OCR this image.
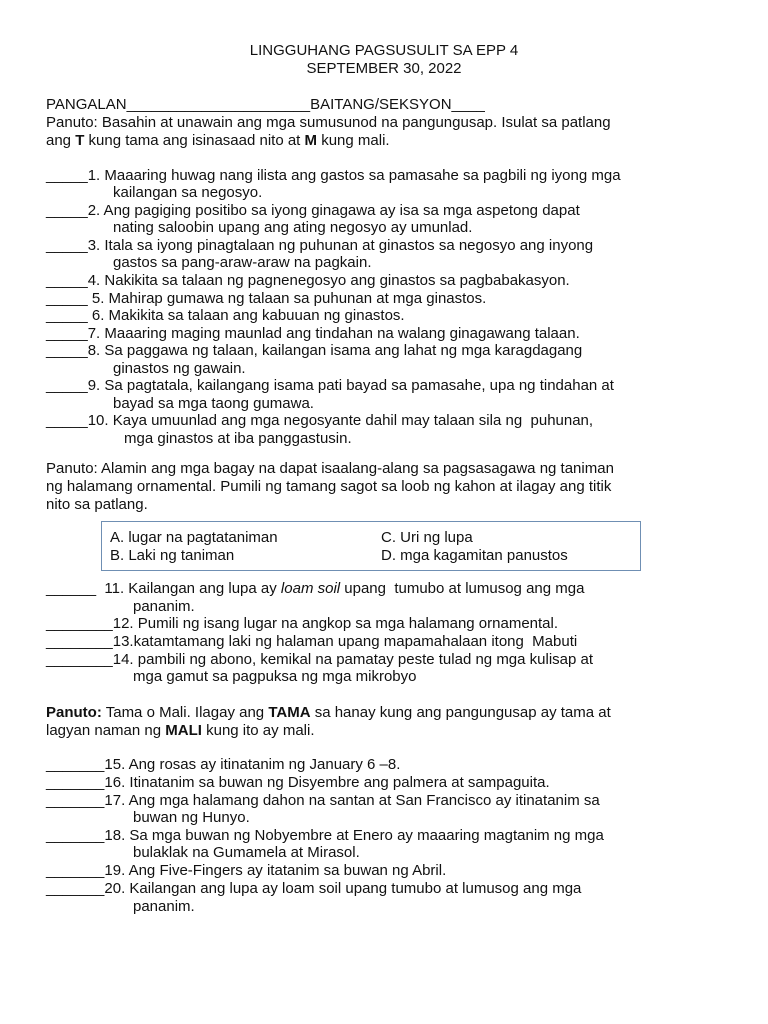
LINGGUHANG PAGSUSULIT SA EPP 4
SEPTEMBER 30, 2022
PANGALAN______________________BAITANG/SEKSYON____
Panuto: Basahin at unawain ang mga sumusunod na pangungusap. Isulat sa patlang
ang T kung tama ang isinasaad nito at M kung mali.
_____1. Maaaring huwag nang ilista ang gastos sa pamasahe sa pagbili ng iyong mga
kailangan sa negosyo.
_____2. Ang pagiging positibo sa iyong ginagawa ay isa sa mga aspetong dapat
nating saloobin upang ang ating negosyo ay umunlad.
_____3. Itala sa iyong pinagtalaan ng puhunan at ginastos sa negosyo ang inyong
gastos sa pang-araw-araw na pagkain.
_____4. Nakikita sa talaan ng pagnenegosyo ang ginastos sa pagbabakasyon.
_____ 5. Mahirap gumawa ng talaan sa puhunan at mga ginastos.
_____ 6. Makikita sa talaan ang kabuuan ng ginastos.
_____7. Maaaring maging maunlad ang tindahan na walang ginagawang talaan.
_____8. Sa paggawa ng talaan, kailangan isama ang lahat ng mga karagdagang
ginastos ng gawain.
_____9. Sa pagtatala, kailangang isama pati bayad sa pamasahe, upa ng tindahan at
bayad sa mga taong gumawa.
_____10. Kaya umuunlad ang mga negosyante dahil may talaan sila ng  puhunan,
mga ginastos at iba panggastusin.
Panuto: Alamin ang mga bagay na dapat isaalang-alang sa pagsasagawa ng taniman
ng halamang ornamental. Pumili ng tamang sagot sa loob ng kahon at ilagay ang titik
nito sa patlang.
A. lugar na pagtataniman
B. Laki ng taniman
C. Uri ng lupa
D. mga kagamitan panustos
______  11. Kailangan ang lupa ay loam soil upang  tumubo at lumusog ang mga
pananim.
________12. Pumili ng isang lugar na angkop sa mga halamang ornamental.
________13.katamtamang laki ng halaman upang mapamahalaan itong  Mabuti
________14. pambili ng abono, kemikal na pamatay peste tulad ng mga kulisap at
mga gamut sa pagpuksa ng mga mikrobyo
Panuto: Tama o Mali. Ilagay ang TAMA sa hanay kung ang pangungusap ay tama at
lagyan naman ng MALI kung ito ay mali.
_______15. Ang rosas ay itinatanim ng January 6 –8.
_______16. Itinatanim sa buwan ng Disyembre ang palmera at sampaguita.
_______17. Ang mga halamang dahon na santan at San Francisco ay itinatanim sa
buwan ng Hunyo.
_______18. Sa mga buwan ng Nobyembre at Enero ay maaaring magtanim ng mga
bulaklak na Gumamela at Mirasol.
_______19. Ang Five-Fingers ay itatanim sa buwan ng Abril.
_______20. Kailangan ang lupa ay loam soil upang tumubo at lumusog ang mga
pananim.
